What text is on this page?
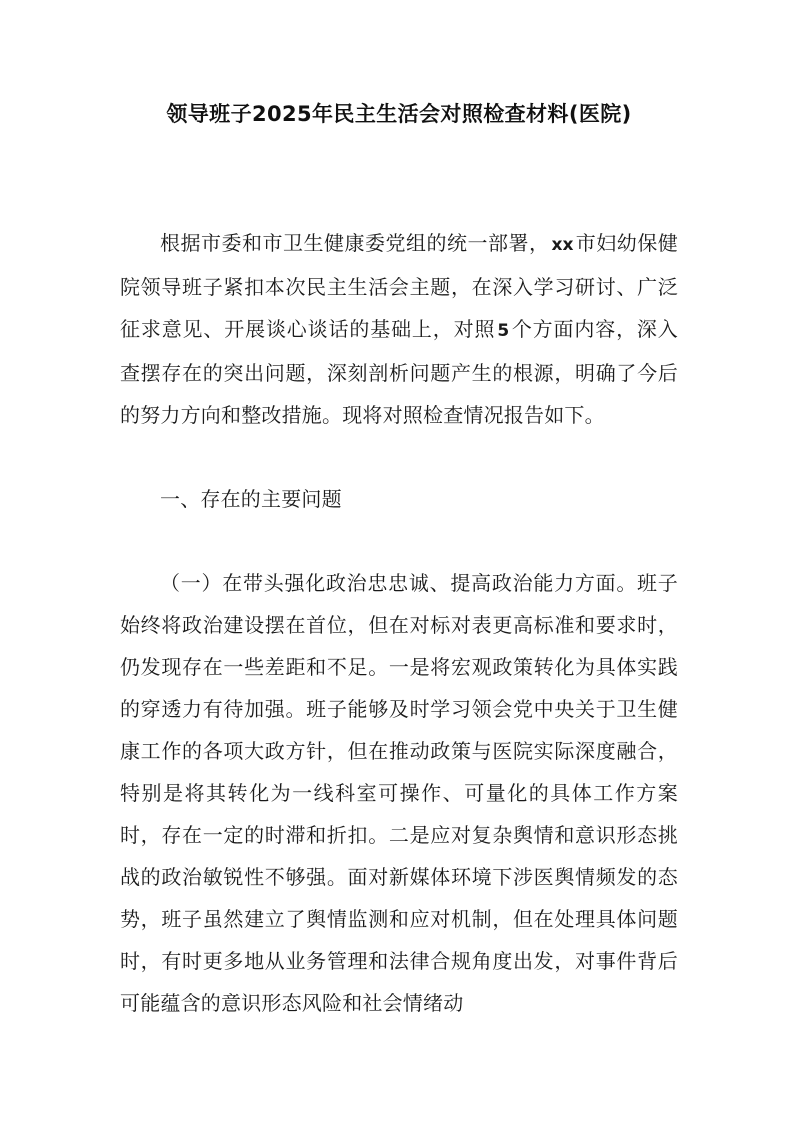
领导班子2025年民主生活会对照检查材料(医院)

根据市委和市卫生健康委党组的统一部署， xx 市妇幼保健院领导班子紧扣本次民主生活会主题，在深入学习研讨、广泛征求意见、开展谈心谈话的基础上，对照 5 个方面内容，深入查摆存在的突出问题，深刻剖析问题产生的根源，明确了今后的努力方向和整改措施。现将对照检查情况报告如下。

一、存在的主要问题

（一）在带头强化政治忠忠诚、提高政治能力方面。班子始终将政治建设摆在首位，但在对标对表更高标准和要求时，仍发现存在一些差距和不足。一是将宏观政策转化为具体实践的穿透力有待加强。班子能够及时学习领会党中央关于卫生健康工作的各项大政方针，但在推动政策与医院实际深度融合，特别是将其转化为一线科室可操作、可量化的具体工作方案时，存在一定的时滞和折扣。二是应对复杂舆情和意识形态挑战的政治敏锐性不够强。面对新媒体环境下涉医舆情频发的态势，班子虽然建立了舆情监测和应对机制，但在处理具体问题时，有时更多地从业务管理和法律合规角度出发，对事件背后可能蕴含的意识形态风险和社会情绪动
